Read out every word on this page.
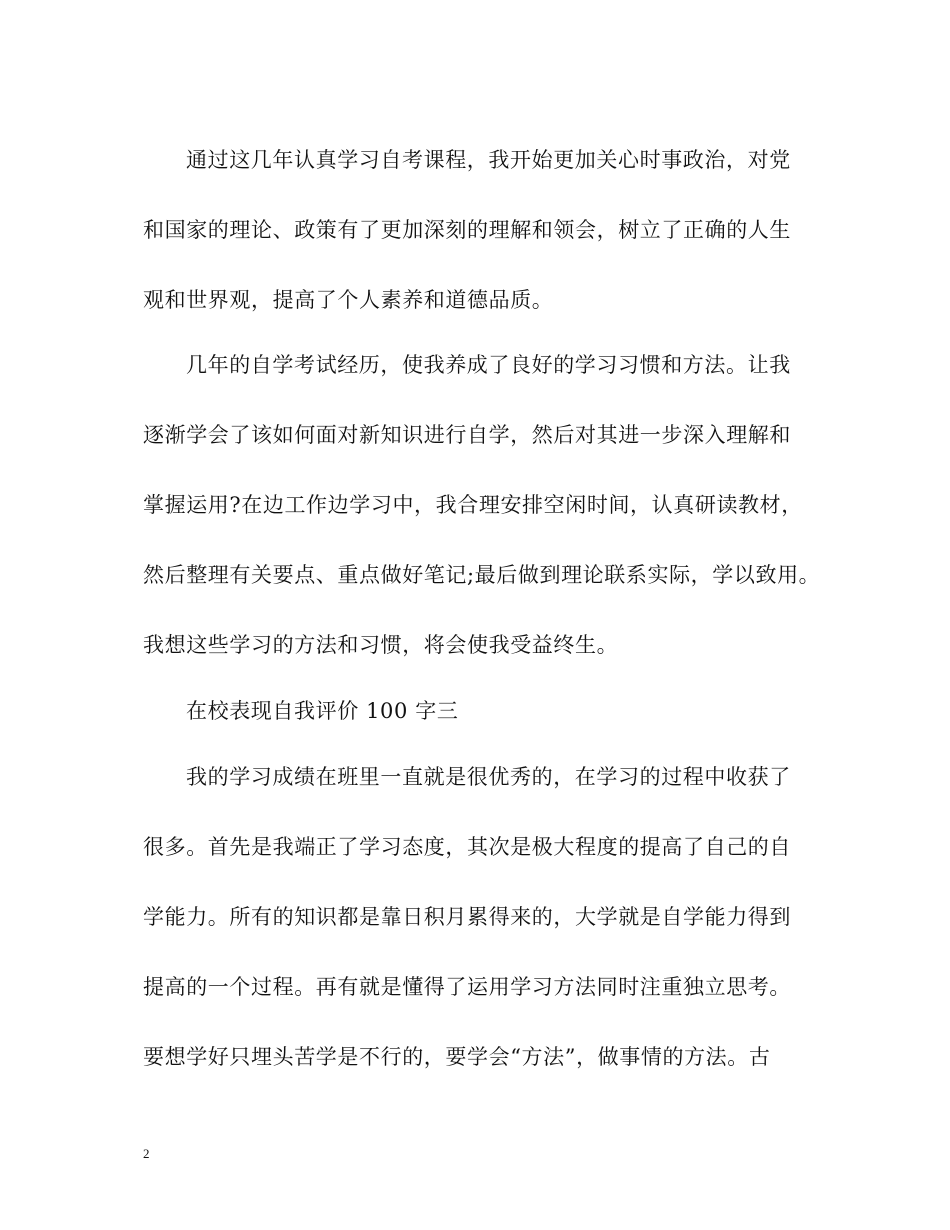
通过这几年认真学习自考课程，我开始更加关心时事政治，对党
和国家的理论、政策有了更加深刻的理解和领会，树立了正确的人生
观和世界观，提高了个人素养和道德品质。
几年的自学考试经历，使我养成了良好的学习习惯和方法。让我
逐渐学会了该如何面对新知识进行自学，然后对其进一步深入理解和
掌握运用?在边工作边学习中，我合理安排空闲时间，认真研读教材，
然后整理有关要点、重点做好笔记;最后做到理论联系实际，学以致用。
我想这些学习的方法和习惯，将会使我受益终生。
在校表现自我评价 100 字三
我的学习成绩在班里一直就是很优秀的，在学习的过程中收获了
很多。首先是我端正了学习态度，其次是极大程度的提高了自己的自
学能力。所有的知识都是靠日积月累得来的，大学就是自学能力得到
提高的一个过程。再有就是懂得了运用学习方法同时注重独立思考。
要想学好只埋头苦学是不行的，要学会“方法”，做事情的方法。古
2
